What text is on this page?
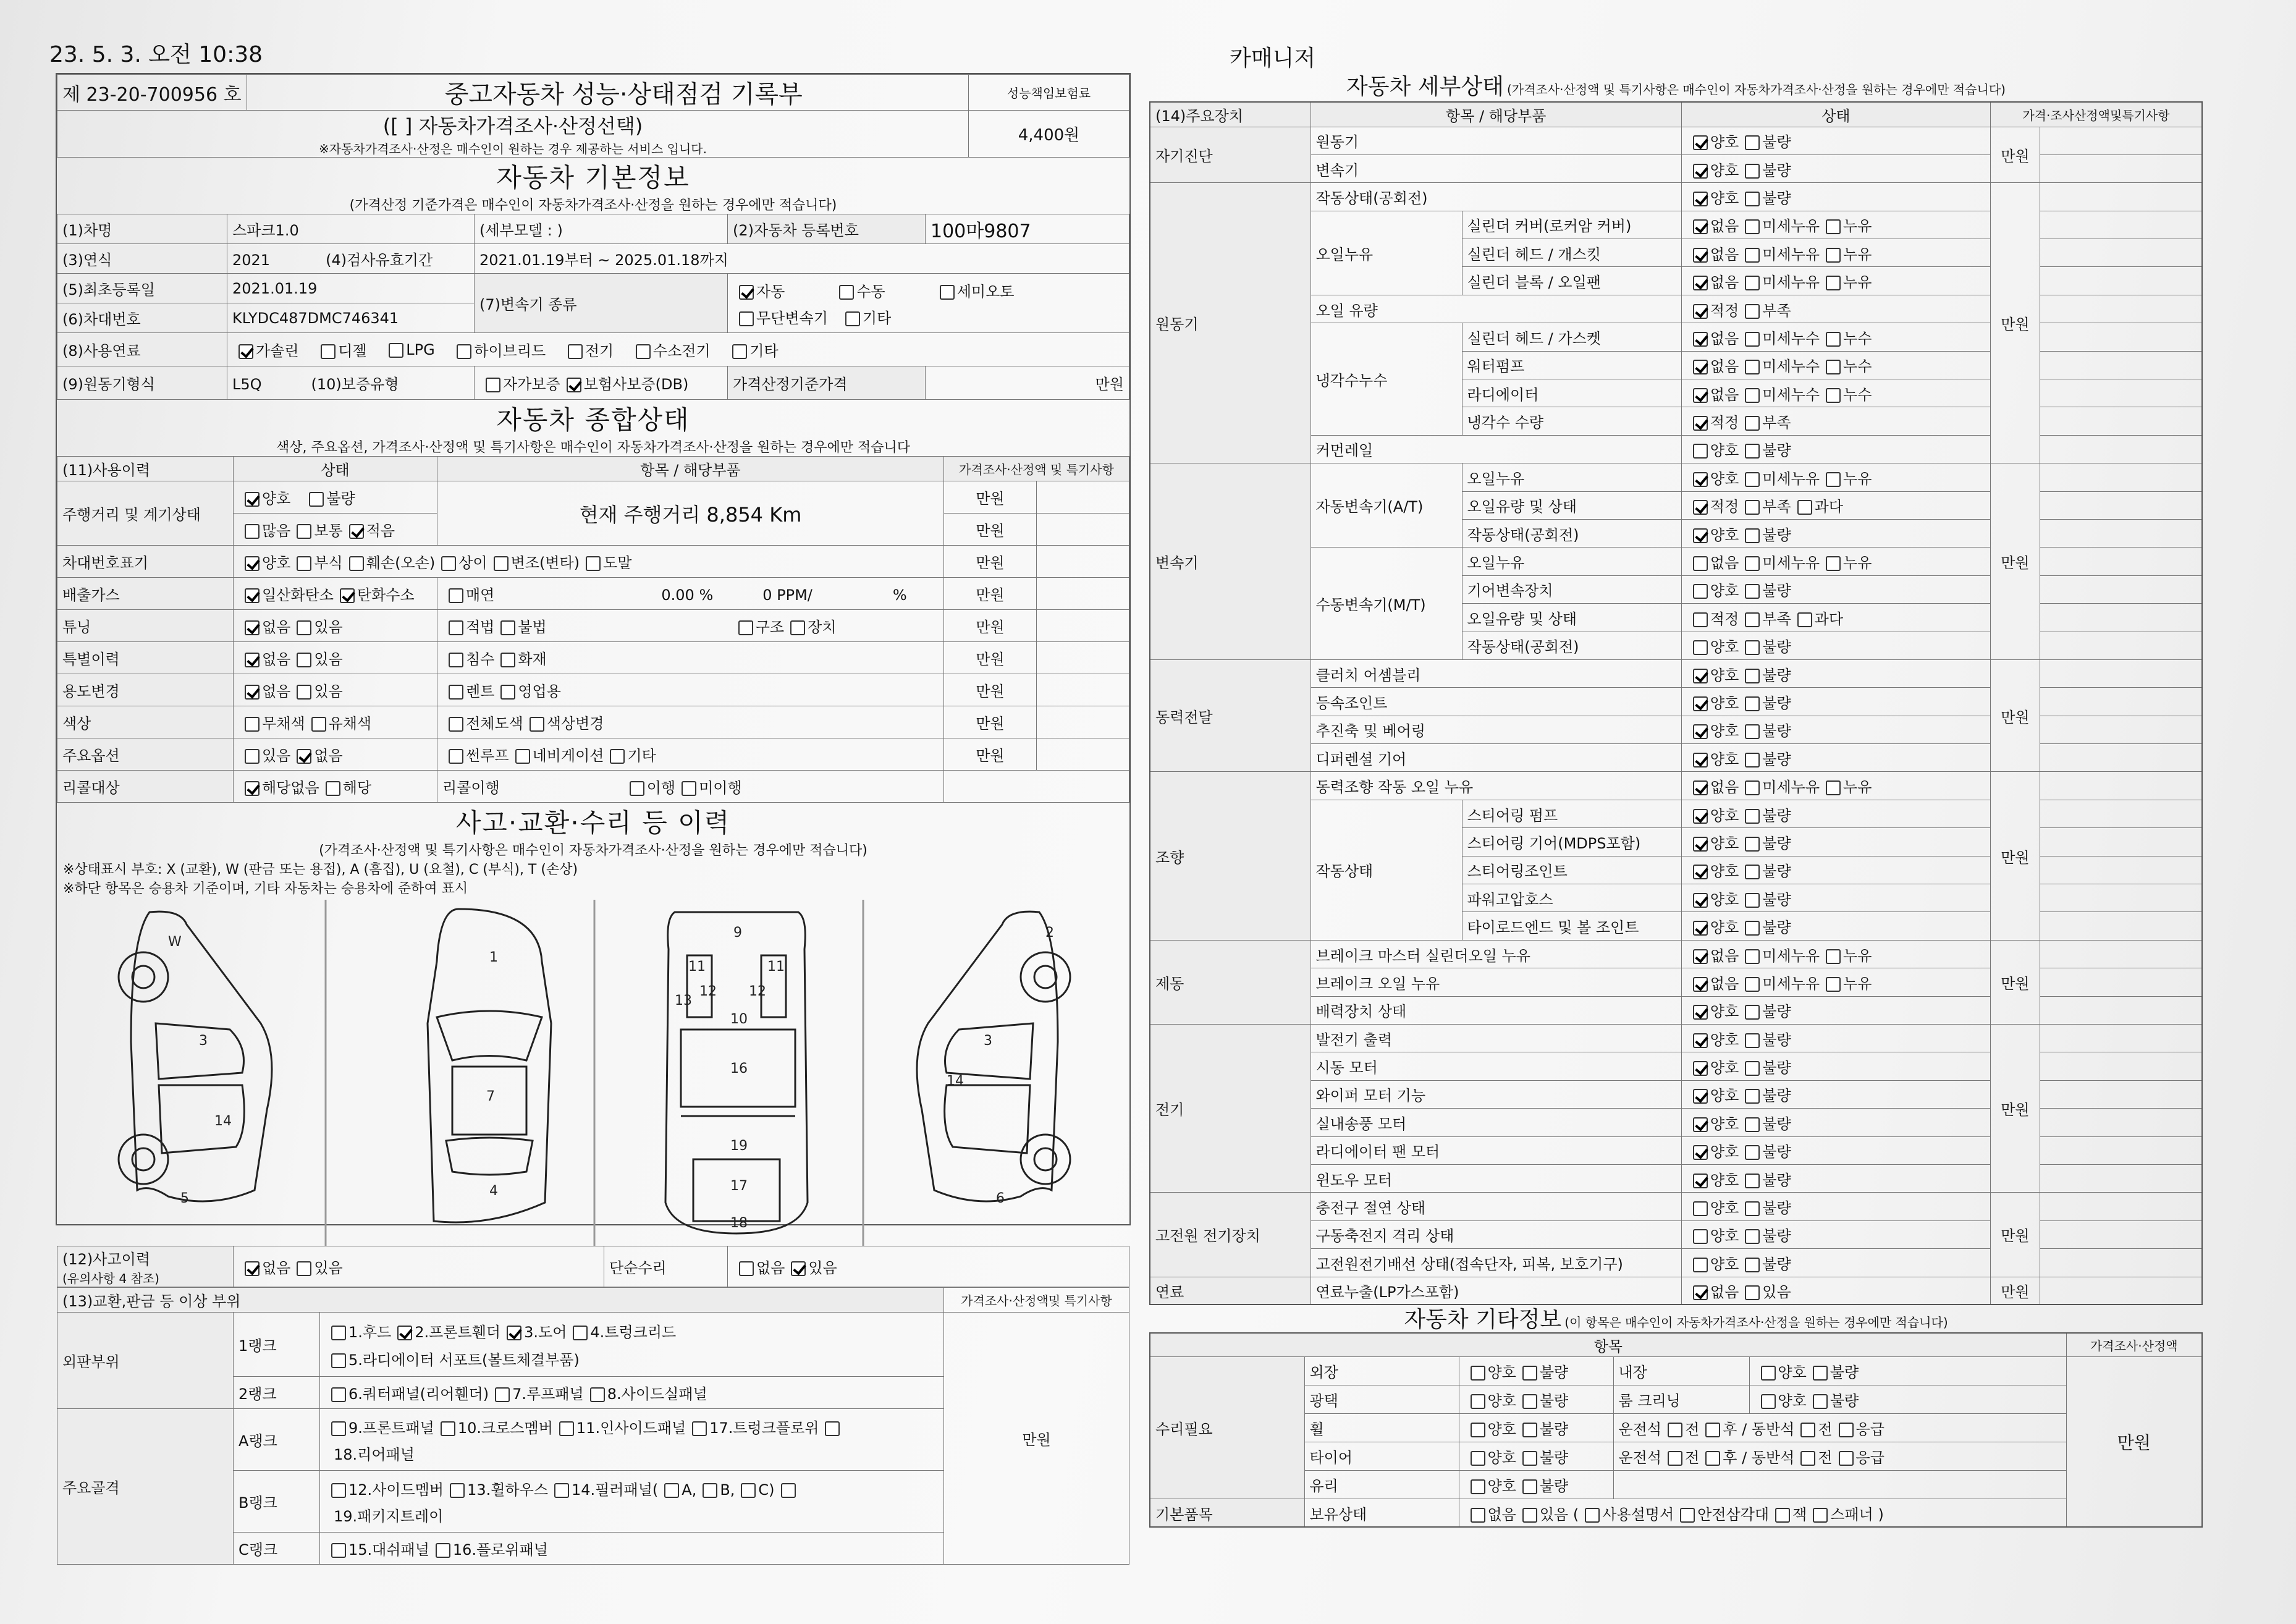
23. 5. 3. 오전 10:38	카매니저
제 23-20-700956 호	중고자동차 성능·상태점검 기록부	성능책임보험료

([ ] 자동차가격조사·산정선택)
※자동차가격조사·산정은 매수인이 원하는 경우 제공하는 서비스 입니다.		4,400원
자동차 기본정보
(가격산정 기준가격은 매수인이 자동차가격조사·산정을 원하는 경우에만 적습니다)
(1)차명	스파크1.0	(세부모델 : )	(2)자동차 등록번호	100마9807
(3)연식	2021 (4)검사유효기간	2021.01.19부터 ~ 2025.01.18까지		
(5)최초등록일	2021.01.19	(7)변속기 종류	자동 수동 세미오토
무단변속기 기타	

(6)차대번호	KLYDC487DMC746341			
(8)사용연료	가솔린 디젤 LPG 하이브리드 전기 수소전기 기타			
(9)원동기형식	L5Q (10)보증유형	자가보증 보험사보증(DB)	가격산정기준가격	만원
자동차 종합상태
색상, 주요옵션, 가격조사·산정액 및 특기사항은 매수인이 자동차가격조사·산정을 원하는 경우에만 적습니다
(11)사용이력	상태	항목 / 해당부품	가격조사·산정액 및 특기사항	
주행거리 및 계기상태	양호 불량	현재 주행거리 8,854 Km	만원	
	많음 보통 적음		만원	
차대번호표기	양호 부식 훼손(오손) 상이 변조(변타) 도말		만원	
배출가스	일산화탄소 탄화수소	매연 0.00 % 0 PPM/ %	만원	
튜닝	없음 있음	적법 불법 구조 장치	만원	
특별이력	없음 있음	침수 화재	만원	
용도변경	없음 있음	렌트 영업용	만원	
색상	무채색 유채색	전체도색 색상변경	만원	
주요옵션	있음 없음	썬루프 네비게이션 기타	만원	
리콜대상	해당없음 해당	리콜이행 이행 미이행		
사고·교환·수리 등 이력
(가격조사·산정액 및 특기사항은 매수인이 자동차가격조사·산정을 원하는 경우에만 적습니다)
※상태표시 부호: X (교환), W (판금 또는 용접), A (흠집), U (요철), C (부식), T (손상)
※하단 항목은 승용차 기준이며, 기타 자동차는 승용차에 준하여 표시
W
3
14
5
1
7
4
9
11	11
12 12
13
10
16
19
17
18
2
3
14
6
(12)사고이력
(유의사항 4 참조)
	없음 있음	단순수리	없음 있음
(13)교환,판금 등 이상 부위			가격조사·산정액및 특기사항
외판부위	1랭크	1.후드 2.프론트휀더 3.도어 4.트렁크리드
5.라디에이터 서포트(볼트체결부품)	만원
	2랭크	6.쿼터패널(리어휀더) 7.루프패널 8.사이드실패널	
주요골격	A랭크	9.프론트패널 10.크로스멤버 11.인사이드패널 17.트렁크플로위
18.리어패널	

	B랭크	12.사이드멤버 13.휠하우스 14.필러패널( A, B, C)
19.패키지트레이	

	C랭크	15.대쉬패널 16.플로위패널	
자동차 세부상태 (가격조사·산정액 및 특기사항은 매수인이 자동차가격조사·산정을 원하는 경우에만 적습니다)
(14)주요장치	항목 / 해당부품		상태	가격·조사산정액및특기사항	
자기진단	원동기		양호 불량	만원	
	변속기		양호 불량		
원동기	작동상태(공회전)		양호 불량	만원	
	오일누유	실린더 커버(로커암 커버)	없음 미세누유 누유		
		실린더 헤드 / 개스킷	없음 미세누유 누유		
		실린더 블록 / 오일팬	없음 미세누유 누유		
	오일 유량		적정 부족		
	냉각수누수	실린더 헤드 / 가스켓	없음 미세누수 누수		
		워터펌프	없음 미세누수 누수		
		라디에이터	없음 미세누수 누수		
		냉각수 수량	적정 부족		
	커먼레일		양호 불량		
변속기	자동변속기(A/T)	오일누유	양호 미세누유 누유	만원	
		오일유량 및 상태	적정 부족 과다		
		작동상태(공회전)	양호 불량		
	수동변속기(M/T)	오일누유	없음 미세누유 누유		
		기어변속장치	양호 불량		
		오일유량 및 상태	적정 부족 과다		
		작동상태(공회전)	양호 불량		
동력전달	클러치 어셈블리		양호 불량	만원	
	등속조인트		양호 불량		
	추진축 및 베어링		양호 불량		
	디퍼렌셜 기어		양호 불량		
조향	동력조향 작동 오일 누유		없음 미세누유 누유	만원	
	작동상태	스티어링 펌프	양호 불량		
		스티어링 기어(MDPS포함)	양호 불량		
		스티어링조인트	양호 불량		
		파워고압호스	양호 불량		
		타이로드엔드 및 볼 조인트	양호 불량		
제동	브레이크 마스터 실린더오일 누유		없음 미세누유 누유	만원	
	브레이크 오일 누유		없음 미세누유 누유		
	배력장치 상태		양호 불량		
전기	발전기 출력		양호 불량	만원	
	시동 모터		양호 불량		
	와이퍼 모터 기능		양호 불량		
	실내송풍 모터		양호 불량		
	라디에이터 팬 모터		양호 불량		
	윈도우 모터		양호 불량		
고전원 전기장치	충전구 절연 상태		양호 불량	만원	
	구동축전지 격리 상태		양호 불량		
	고전원전기배선 상태(접속단자, 피복, 보호기구)		양호 불량		
연료	연료누출(LP가스포함)		없음 있음	만원	
자동차 기타정보 (이 항목은 매수인이 자동차가격조사·산정을 원하는 경우에만 적습니다)
항목					가격조사·산정액
수리필요	외장	양호 불량	내장	양호 불량	만원
	광택	양호 불량	룸 크리닝	양호 불량	
	휠	양호 불량	운전석 전 후 / 동반석 전 응급		
	타이어	양호 불량	운전석 전 후 / 동반석 전 응급		
	유리	양호 불량			
기본품목	보유상태	없음 있음 ( 사용설명서 안전삼각대 잭 스패너 )			
